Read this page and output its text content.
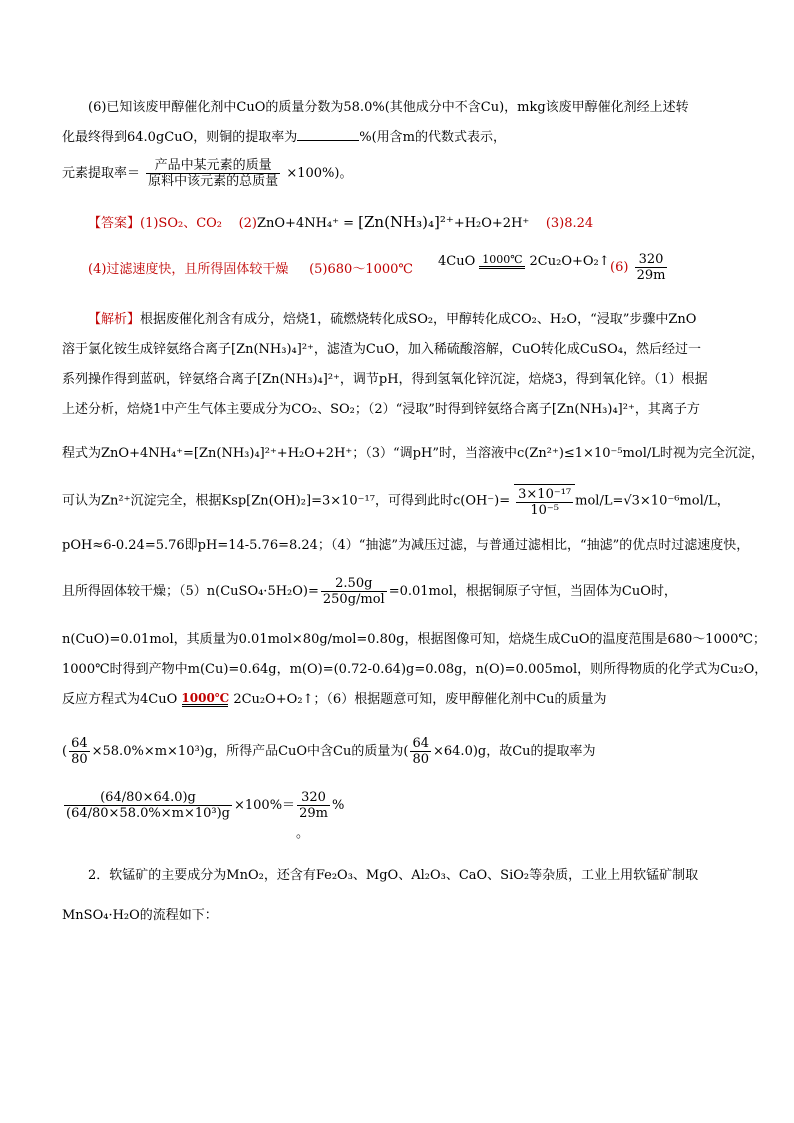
(6)已知该废甲醇催化剂中CuO的质量分数为58.0%(其他成分中不含Cu)，mkg该废甲醇催化剂经上述转
化最终得到64.0gCuO，则铜的提取率为	%(用含m的代数式表示，
元素提取率＝ $\frac{\text{产品中某元素的质量}}{\text{原料中该元素的总质量}} \times 100\%$)。
【答案】(1)SO₂、CO₂ (2)ZnO+4NH₄⁺ = [Zn(NH₃)₄]²⁺+H₂O+2H⁺ (3)8.24
(4)过滤速度快，且所得固体较干燥 (5)680～1000℃
4CuO 1000℃ 2Cu₂O+O₂↑ $(6) \frac{320}{29m}$
【解析】根据废催化剂含有成分，焙烧1，硫燃烧转化成SO₂，甲醇转化成CO₂、H₂O，“浸取”步骤中ZnO
溶于氯化铵生成锌氨络合离子[Zn(NH₃)₄]²⁺，滤渣为CuO，加入稀硫酸溶解，CuO转化成CuSO₄，然后经过一
系列操作得到蓝矾，锌氨络合离子[Zn(NH₃)₄]²⁺，调节pH，得到氢氧化锌沉淀，焙烧3，得到氧化锌。（1）根据
上述分析，焙烧1中产生气体主要成分为CO₂、SO₂；（2）“浸取”时得到锌氨络合离子[Zn(NH₃)₄]²⁺，其离子方
程式为ZnO+4NH₄⁺=[Zn(NH₃)₄]²⁺+H₂O+2H⁺；（3）“调pH”时，当溶液中c(Zn²⁺)≤1×10⁻⁵mol/L时视为完全沉淀，
可认为Zn²⁺沉淀完全，根据Ksp[Zn(OH)₂]=3×10⁻¹⁷，可得到此时$c(OH^-)= \frac{\text{3×10⁻¹⁷}}{\text{10⁻⁵}} mol/L=√3\times 10^{-6}mol/L$，
pOH≈6-0.24=5.76即pH=14-5.76=8.24；（4）“抽滤”为减压过滤，与普通过滤相比，“抽滤”的优点时过滤速度快，
且所得固体较干燥；（5）n(CuSO₄·5H₂O)= $\frac{2.50g}{\text{250g/mol}} =0.01mol$，根据铜原子守恒，当固体为CuO时，
n(CuO)=0.01mol，其质量为0.01mol×80g/mol=0.80g，根据图像可知，焙烧生成CuO的温度范围是680～1000℃；
1000℃时得到产物中m(Cu)=0.64g，m(O)=(0.72-0.64)g=0.08g，n(O)=0.005mol，则所得物质的化学式为Cu₂O，
反应方程式为4CuO 1000℃ 2Cu₂O+O₂↑；（6）根据题意可知，废甲醇催化剂中Cu的质量为
( $\frac{64}{80} \times 58.0\%\times m\times 10^3)g$，所得产品CuO中含Cu的质量为( $\frac{64}{80} \times 64.0)g$，故Cu的提取率为
$\frac{(64/80\times 64.0)g}{\text{(64/80×58.0\%×m×10³)g}} \times 100\%= \frac{320}{29m}$ %
。
2．软锰矿的主要成分为MnO₂，还含有Fe₂O₃、MgO、Al₂O₃、CaO、SiO₂等杂质，工业上用软锰矿制取
MnSO₄·H₂O的流程如下：
